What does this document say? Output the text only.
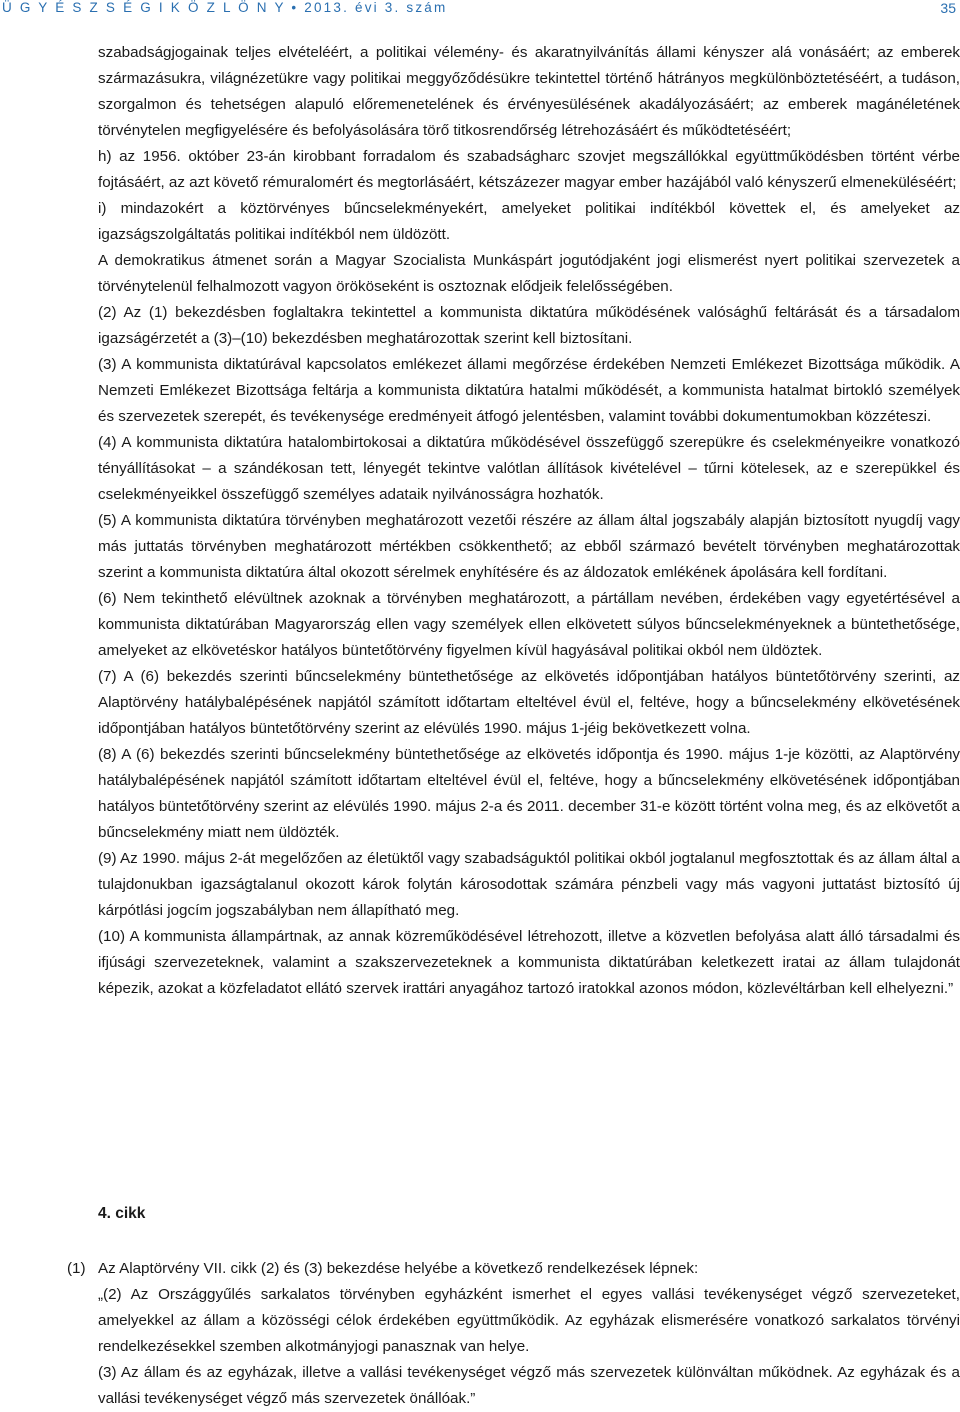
Ü G Y É S Z S É G I K Ö Z L Ö N Y • 2013. évi 3. szám	35

szabadságjogainak teljes elvételéért, a politikai vélemény- és akaratnyilvánítás állami kényszer alá vonásáért; az emberek származásukra, világnézetükre vagy politikai meggyőződésükre tekintettel történő hátrányos megkülönböztetéséért, a tudáson, szorgalmon és tehetségen alapuló előremenetelének és érvényesülésének akadályozásáért; az emberek magánéletének törvénytelen megfigyelésére és befolyásolására törő titkosrendőrség létrehozásáért és működtetéséért;

h) az 1956. október 23-án kirobbant forradalom és szabadságharc szovjet megszállókkal együttműködésben történt vérbe fojtásáért, az azt követő rémuralomért és megtorlásáért, kétszázezer magyar ember hazájából való kényszerű elmeneküléséért;

i) mindazokért a köztörvényes bűncselekményekért, amelyeket politikai indítékból követtek el, és amelyeket az igazságszolgáltatás politikai indítékból nem üldözött.

A demokratikus átmenet során a Magyar Szocialista Munkáspárt jogutódjaként jogi elismerést nyert politikai szervezetek a törvénytelenül felhalmozott vagyon örököseként is osztoznak elődjeik felelősségében.

(2) Az (1) bekezdésben foglaltakra tekintettel a kommunista diktatúra működésének valósághű feltárását és a társadalom igazságérzetét a (3)–(10) bekezdésben meghatározottak szerint kell biztosítani.

(3) A kommunista diktatúrával kapcsolatos emlékezet állami megőrzése érdekében Nemzeti Emlékezet Bizottsága működik. A Nemzeti Emlékezet Bizottsága feltárja a kommunista diktatúra hatalmi működését, a kommunista hatalmat birtokló személyek és szervezetek szerepét, és tevékenysége eredményeit átfogó jelentésben, valamint további dokumentumokban közzéteszi.

(4) A kommunista diktatúra hatalombirtokosai a diktatúra működésével összefüggő szerepükre és cselekményeikre vonatkozó tényállításokat – a szándékosan tett, lényegét tekintve valótlan állítások kivételével – tűrni kötelesek, az e szerepükkel és cselekményeikkel összefüggő személyes adataik nyilvánosságra hozhatók.

(5) A kommunista diktatúra törvényben meghatározott vezetői részére az állam által jogszabály alapján biztosított nyugdíj vagy más juttatás törvényben meghatározott mértékben csökkenthető; az ebből származó bevételt törvényben meghatározottak szerint a kommunista diktatúra által okozott sérelmek enyhítésére és az áldozatok emlékének ápolására kell fordítani.

(6) Nem tekinthető elévültnek azoknak a törvényben meghatározott, a pártállam nevében, érdekében vagy egyetértésével a kommunista diktatúrában Magyarország ellen vagy személyek ellen elkövetett súlyos bűncselekményeknek a büntethetősége, amelyeket az elkövetéskor hatályos büntetőtörvény figyelmen kívül hagyásával politikai okból nem üldöztek.

(7) A (6) bekezdés szerinti bűncselekmény büntethetősége az elkövetés időpontjában hatályos büntetőtörvény szerinti, az Alaptörvény hatálybalépésének napjától számított időtartam elteltével évül el, feltéve, hogy a bűncselekmény elkövetésének időpontjában hatályos büntetőtörvény szerint az elévülés 1990. május 1-jéig bekövetkezett volna.

(8) A (6) bekezdés szerinti bűncselekmény büntethetősége az elkövetés időpontja és 1990. május 1-je közötti, az Alaptörvény hatálybalépésének napjától számított időtartam elteltével évül el, feltéve, hogy a bűncselekmény elkövetésének időpontjában hatályos büntetőtörvény szerint az elévülés 1990. május 2-a és 2011. december 31-e között történt volna meg, és az elkövetőt a bűncselekmény miatt nem üldözték.

(9) Az 1990. május 2-át megelőzően az életüktől vagy szabadságuktól politikai okból jogtalanul megfosztottak és az állam által a tulajdonukban igazságtalanul okozott károk folytán károsodottak számára pénzbeli vagy más vagyoni juttatást biztosító új kárpótlási jogcím jogszabályban nem állapítható meg.

(10) A kommunista állampártnak, az annak közreműködésével létrehozott, illetve a közvetlen befolyása alatt álló társadalmi és ifjúsági szervezeteknek, valamint a szakszervezeteknek a kommunista diktatúrában keletkezett iratai az állam tulajdonát képezik, azokat a közfeladatot ellátó szervek irattári anyagához tartozó iratokkal azonos módon, közlevéltárban kell elhelyezni.”

4. cikk
(1) Az Alaptörvény VII. cikk (2) és (3) bekezdése helyébe a következő rendelkezések lépnek:

„(2) Az Országgyűlés sarkalatos törvényben egyházként ismerhet el egyes vallási tevékenységet végző szervezeteket, amelyekkel az állam a közösségi célok érdekében együttműködik. Az egyházak elismerésére vonatkozó sarkalatos törvényi rendelkezésekkel szemben alkotmányjogi panasznak van helye.

(3) Az állam és az egyházak, illetve a vallási tevékenységet végző más szervezetek különváltan működnek. Az egyházak és a vallási tevékenységet végző más szervezetek önállóak.”
